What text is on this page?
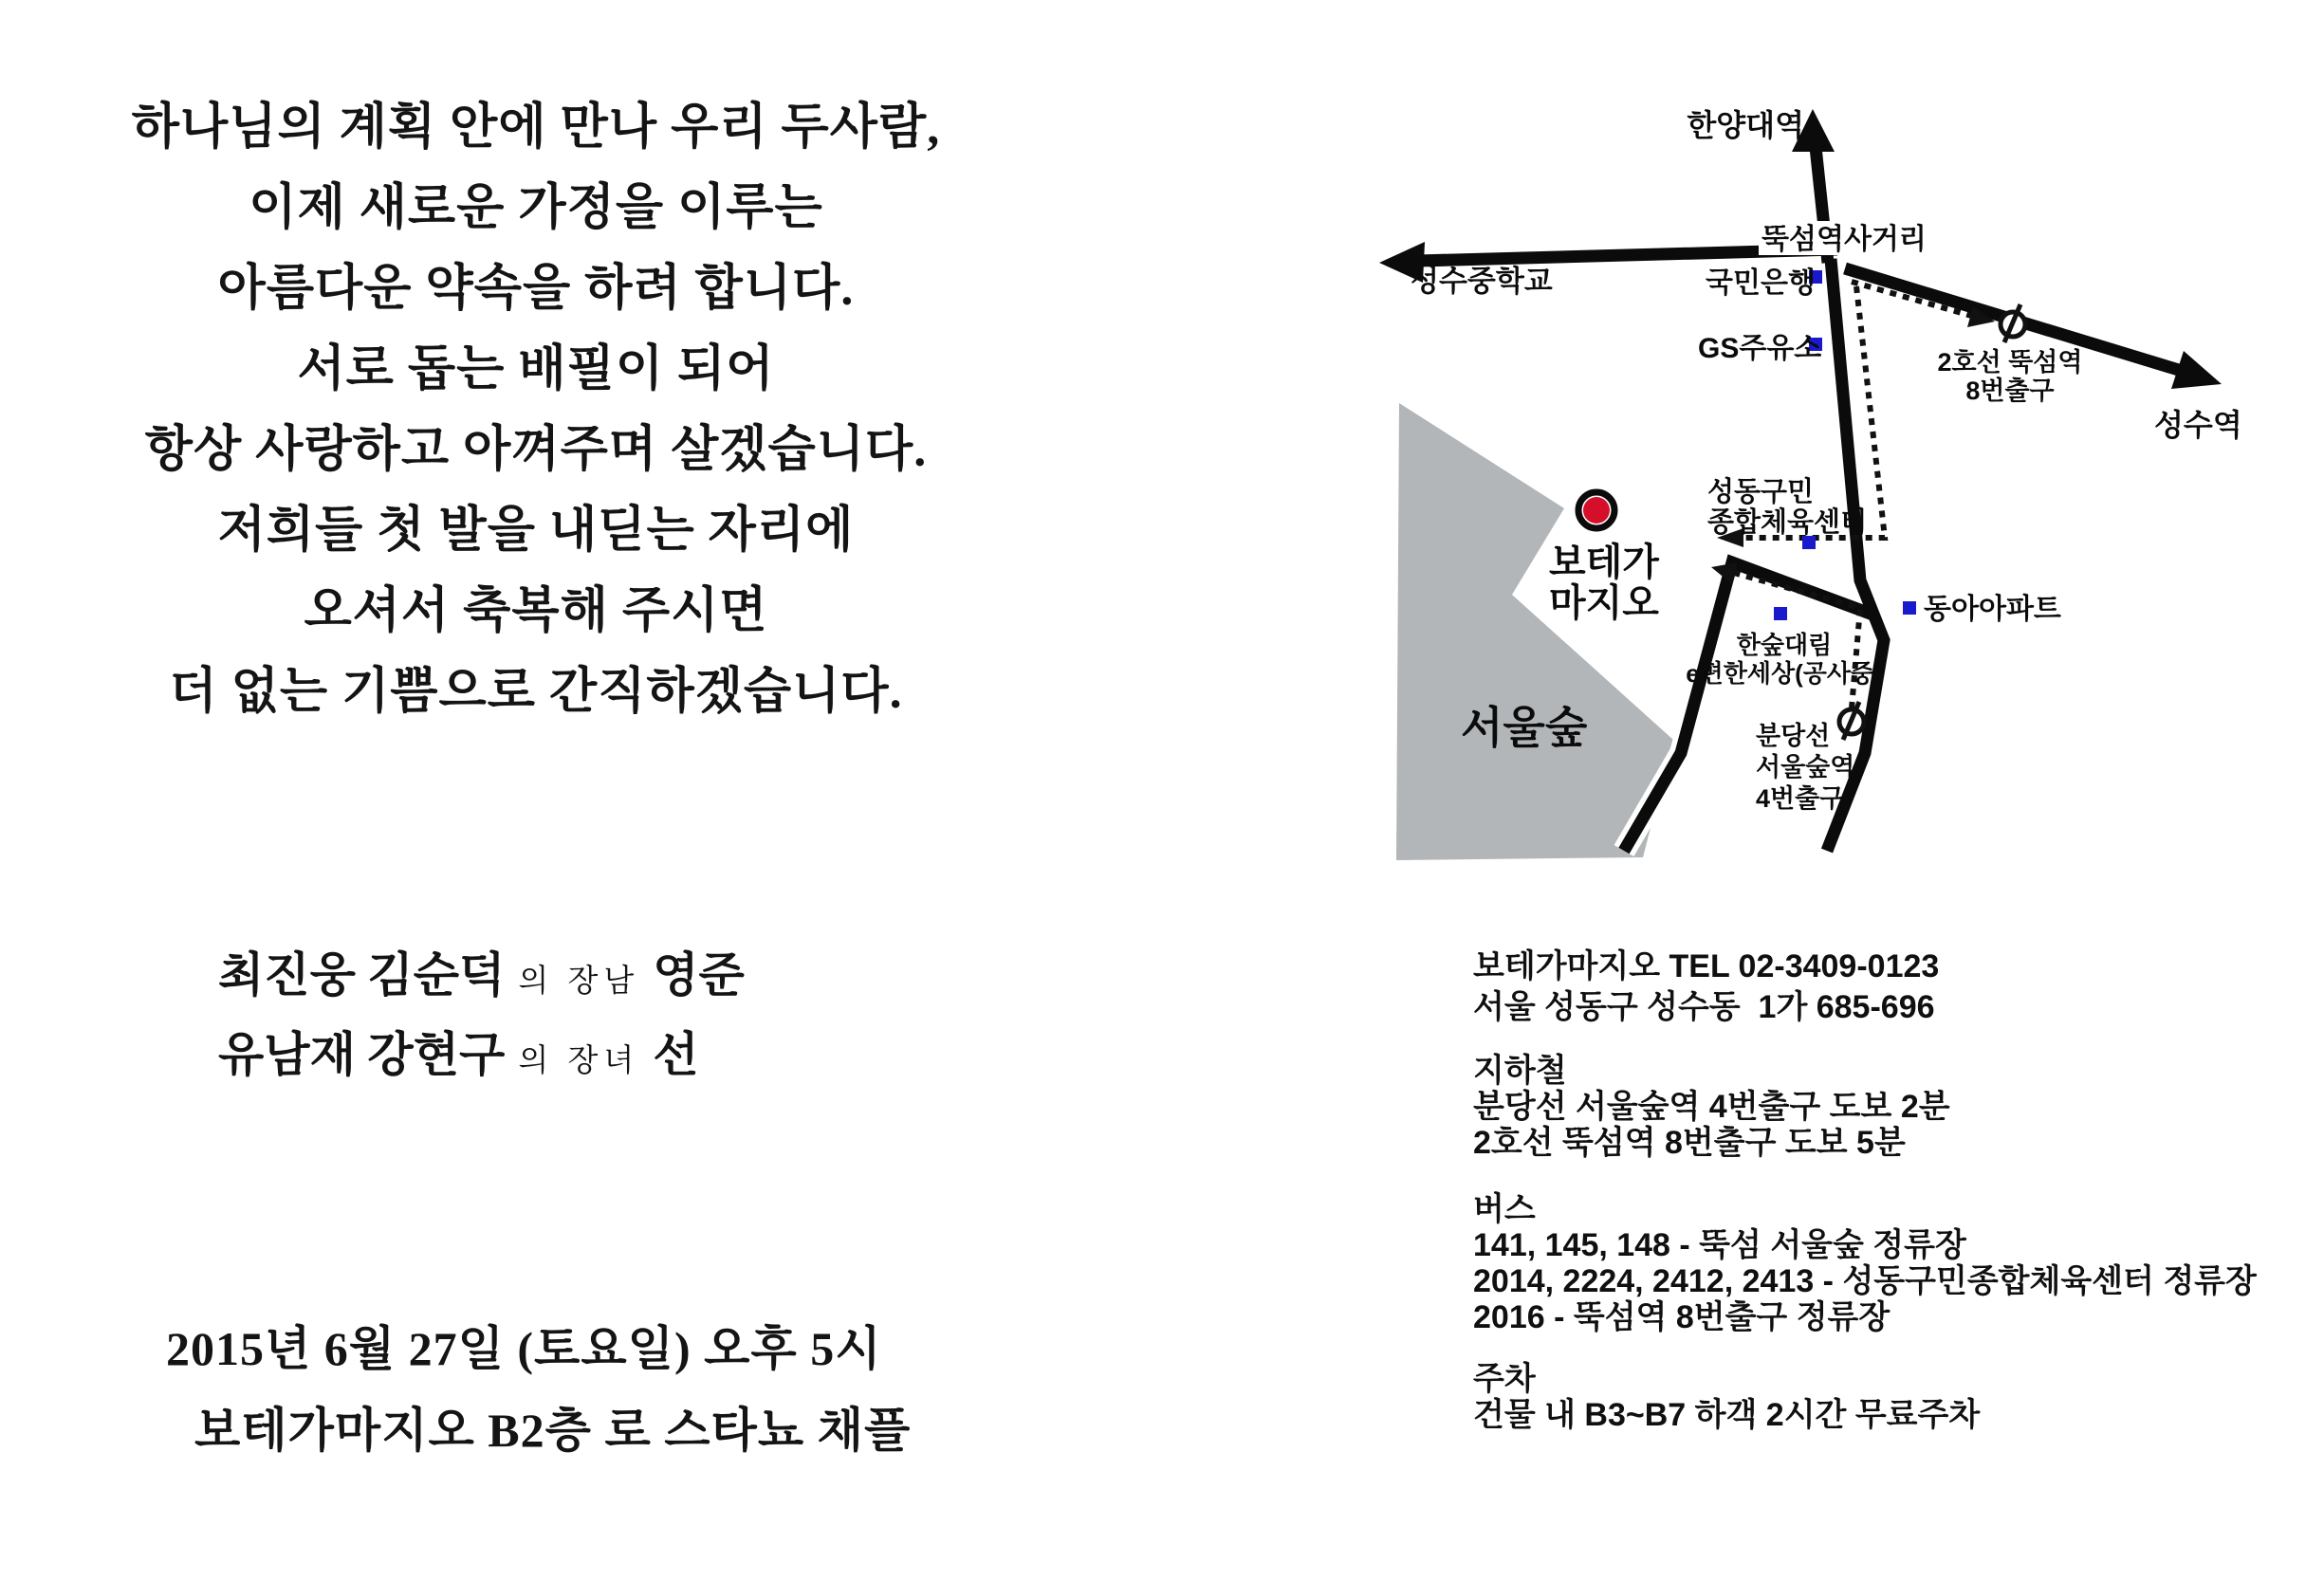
하나님의 계획 안에 만나 우리 두사람,
이제 새로운 가정을 이루는
아름다운 약속을 하려 합니다.
서로 돕는 배필이 되어
항상 사랑하고 아껴주며 살겠습니다.
저희들 첫 발을 내딛는 자리에
오셔서 축복해 주시면
더 없는 기쁨으로 간직하겠습니다.
최진웅 김순덕 의 장남 영준
유남재 강현구 의 장녀 선
2015년 6월 27일 (토요일) 오후 5시
보테가마지오 B2층 로 스타뇨 채플
한양대역
뚝섬역사거리
성수중학교	국민은행
GS주유소	2호선 뚝섬역
8번출구
성수역
성동구민
종합체육센터
동아아파트
보테가
마지오
한숲대림
e편한세상(공사중)
분당선
서울숲역
4번출구
서울숲
보테가마지오 TEL 02-3409-0123
서울 성동구 성수동  1가 685-696
지하철
분당선 서울숲역 4번출구 도보 2분
2호선 뚝섬역 8번출구 도보 5분
버스
141, 145, 148 - 뚝섬 서울숲 정류장
2014, 2224, 2412, 2413 - 성동구민종합체육센터 정류장
2016 - 뚝섬역 8번출구 정류장
주차
건물 내 B3~B7 하객 2시간 무료주차
